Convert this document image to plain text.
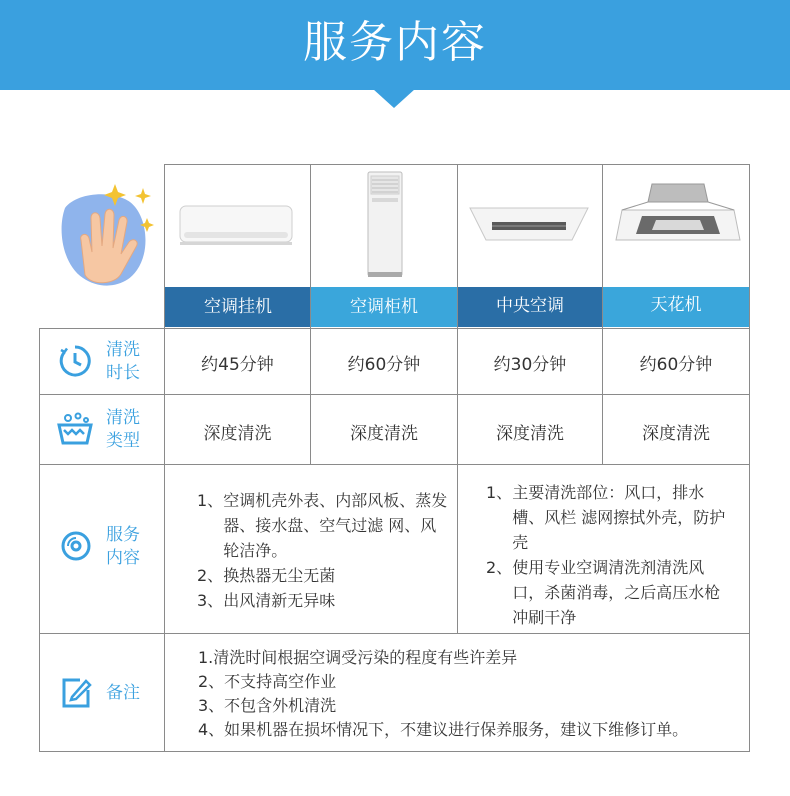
服务内容
空调挂机	空调柜机	中央空调	天花机
清洗
时长	约45分钟	约60分钟	约30分钟	约60分钟
清洗
类型	深度清洗	深度清洗	深度清洗	深度清洗
服务
内容
1、 空调机壳外表、内部风板、蒸发器、接水盘、空气过滤 网、风轮洁净。
2、 换热器无尘无菌
3、 出风清新无异味
1、 主要清洗部位：风口，排水槽、风栏 滤网擦拭外壳，防护壳
2、 使用专业空调清洗剂清洗风口，杀菌消毒，之后高压水枪冲刷干净
备注
1.清洗时间根据空调受污染的程度有些许差异
2、不支持高空作业
3、不包含外机清洗
4、如果机器在损坏情况下，不建议进行保养服务，建议下维修订单。
